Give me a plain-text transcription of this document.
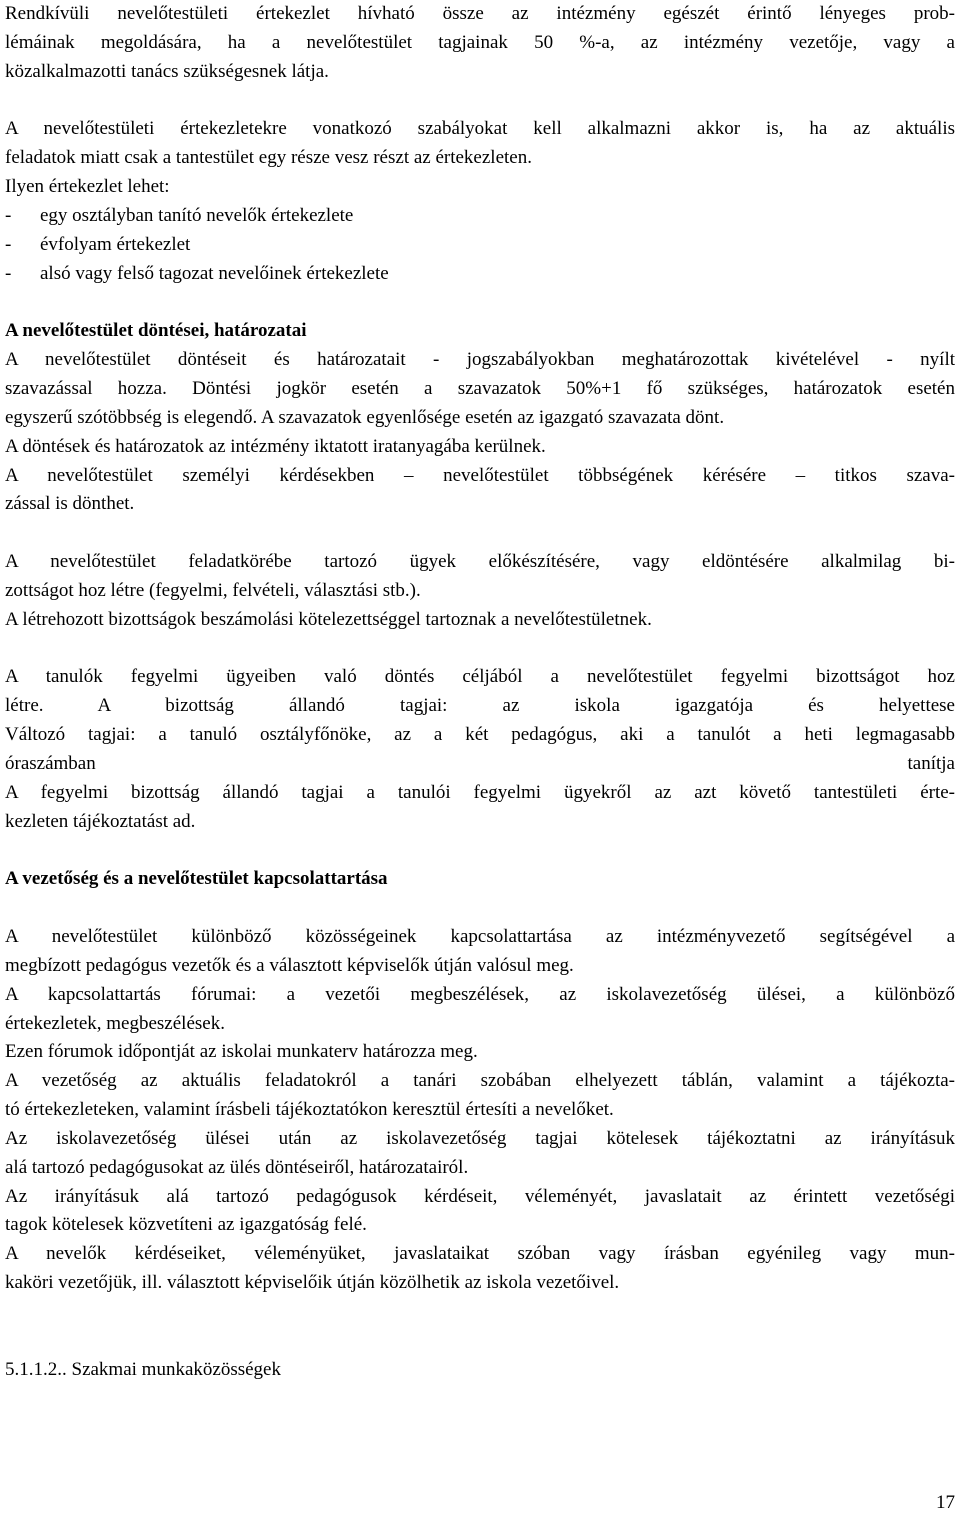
Rendkívüli nevelőtestületi értekezlet hívható össze az intézmény egészét érintő lényeges prob-
lémáinak megoldására, ha a nevelőtestület tagjainak 50 %-a, az intézmény vezetője, vagy a
közalkalmazotti tanács szükségesnek látja.
A nevelőtestületi értekezletekre vonatkozó szabályokat kell alkalmazni akkor is, ha az aktuális
feladatok miatt csak a tantestület egy része vesz részt az értekezleten.
Ilyen értekezlet lehet:
-	egy osztályban tanító nevelők értekezlete
-	évfolyam értekezlet
-	alsó vagy felső tagozat nevelőinek értekezlete
A nevelőtestület döntései, határozatai
A nevelőtestület döntéseit és határozatait - jogszabályokban meghatározottak kivételével - nyílt
szavazással hozza. Döntési jogkör esetén a szavazatok 50%+1 fő szükséges, határozatok esetén
egyszerű szótöbbség is elegendő. A szavazatok egyenlősége esetén az igazgató szavazata dönt.
A döntések és határozatok az intézmény iktatott iratanyagába kerülnek.
A nevelőtestület személyi kérdésekben – nevelőtestület többségének kérésére – titkos szava-
zással is dönthet.
A nevelőtestület feladatkörébe tartozó ügyek előkészítésére, vagy eldöntésére alkalmilag bi-
zottságot hoz létre (fegyelmi, felvételi, választási stb.).
A létrehozott bizottságok beszámolási kötelezettséggel tartoznak a nevelőtestületnek.
A tanulók fegyelmi ügyeiben való döntés céljából a nevelőtestület fegyelmi bizottságot hoz
létre. A bizottság állandó tagjai: az iskola igazgatója és helyettese
Változó tagjai: a tanuló osztályfőnöke, az a két pedagógus, aki a tanulót a heti legmagasabb
óraszámban tanítja
A fegyelmi bizottság állandó tagjai a tanulói fegyelmi ügyekről az azt követő tantestületi érte-
kezleten tájékoztatást ad.
A vezetőség és a nevelőtestület kapcsolattartása
A nevelőtestület különböző közösségeinek kapcsolattartása az intézményvezető segítségével a
megbízott pedagógus vezetők és a választott képviselők útján valósul meg.
A kapcsolattartás fórumai: a vezetői megbeszélések, az iskolavezetőség ülései, a különböző
értekezletek, megbeszélések.
Ezen fórumok időpontját az iskolai munkaterv határozza meg.
A vezetőség az aktuális feladatokról a tanári szobában elhelyezett táblán, valamint a tájékozta-
tó értekezleteken, valamint írásbeli tájékoztatókon keresztül értesíti a nevelőket.
Az iskolavezetőség ülései után az iskolavezetőség tagjai kötelesek tájékoztatni az irányításuk
alá tartozó pedagógusokat az ülés döntéseiről, határozatairól.
Az irányításuk alá tartozó pedagógusok kérdéseit, véleményét, javaslatait az érintett vezetőségi
tagok kötelesek közvetíteni az igazgatóság felé.
A nevelők kérdéseiket, véleményüket, javaslataikat szóban vagy írásban egyénileg vagy mun-
kaköri vezetőjük, ill. választott képviselőik útján közölhetik az iskola vezetőivel.
5.1.1.2.. Szakmai munkaközösségek
17
